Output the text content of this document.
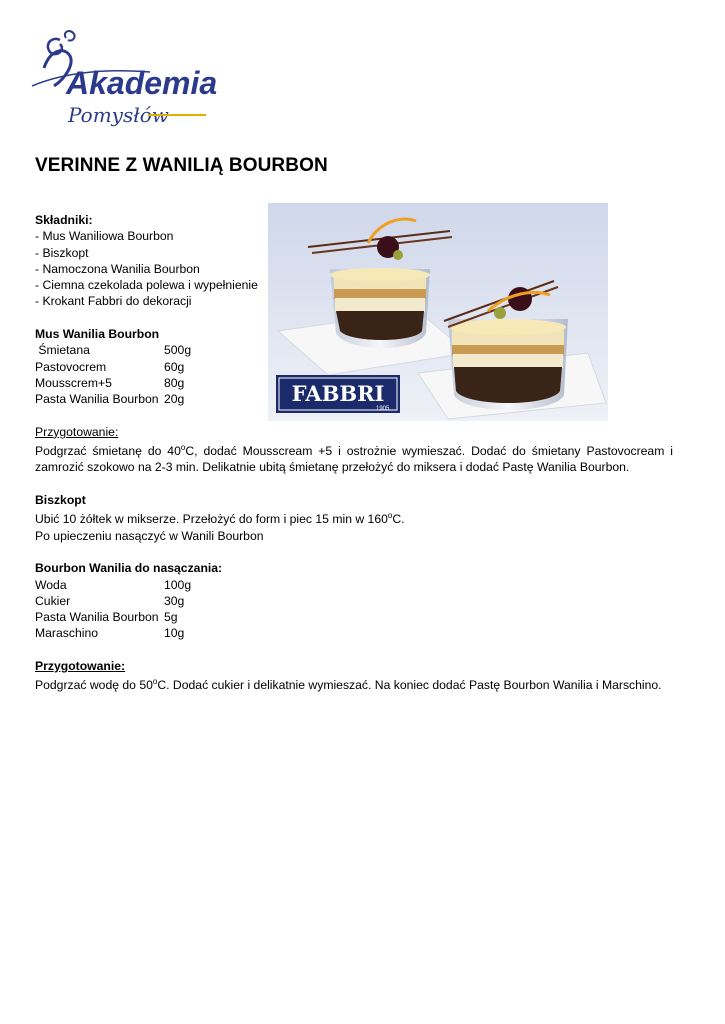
Akademia
Pomysłów
VERINNE Z WANILIĄ BOURBON
FABBRI
1905

Składniki:

- Mus Waniliowa Bourbon

- Biszkopt

- Namoczona Wanilia Bourbon

- Ciemna czekolada polewa i wypełnienie

- Krokant Fabbri do dekoracji

Mus Wanilia Bourbon

Śmietana	500g
Pastovocrem	60g
Mousscrem+5	80g
Pasta Wanilia Bourbon 20g

Przygotowanie:

Podgrzać śmietanę do 40$^o$C, dodać Mousscream +5 i ostrożnie wymieszać. Dodać do śmietany Pastovocream i zamrozić szokowo na 2-3 min. Delikatnie ubitą śmietanę przełożyć do miksera i dodać Pastę Wanilia Bourbon.

Biszkopt

Ubić 10 żółtek w mikserze. Przełożyć do form i piec 15 min w 160$^o$C.

Po upieczeniu nasączyć w Wanili Bourbon

Bourbon Wanilia do nasączania:

Woda	100g
Cukier	30g
Pasta Wanilia Bourbon 5g
Maraschino	10g

Przygotowanie:

Podgrzać wodę do 50$^o$C. Dodać cukier i delikatnie wymieszać. Na koniec dodać Pastę Bourbon Wanilia i Marschino.
